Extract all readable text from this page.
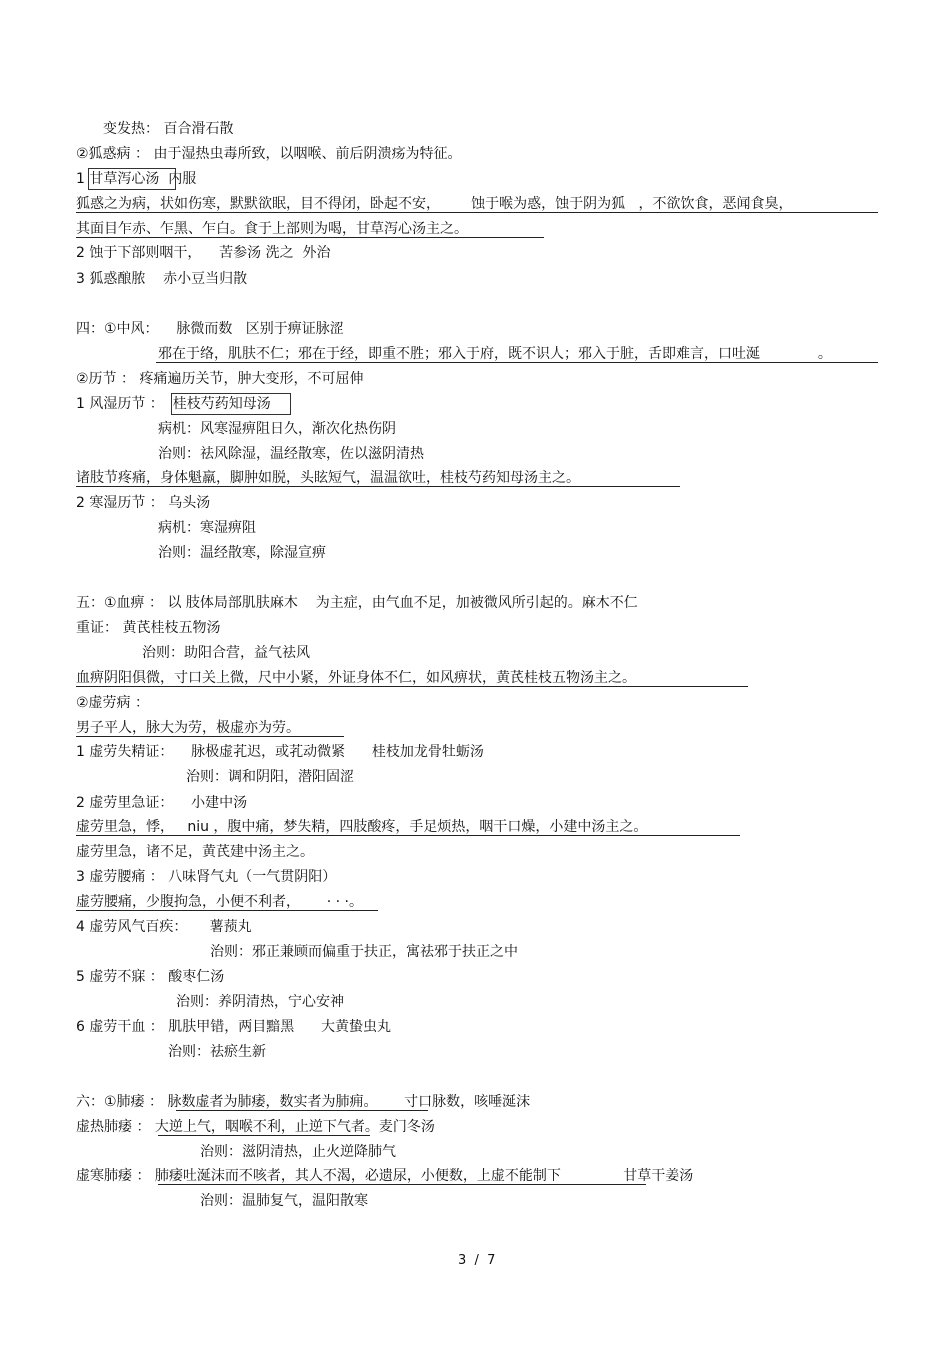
变发热： 百合滑石散
②狐惑病 ： 由于湿热虫毒所致，以咽喉、前后阴溃疡为特征。
1 甘草泻心汤  内服
狐惑之为病，状如伤寒，默默欲眠，目不得闭，卧起不安，       蚀于喉为惑，蚀于阴为狐   ，不欲饮食，恶闻食臭，
其面目乍赤、乍黑、乍白。食于上部则为喝，甘草泻心汤主之。
2 蚀于下部则咽干，    苦参汤 洗之  外治
3 狐惑酿脓    赤小豆当归散
四：①中风：    脉微而数   区别于痹证脉涩
邪在于络，肌肤不仁；邪在于经，即重不胜；邪入于府，既不识人；邪入于脏，舌即难言，口吐涎             。
②历节 ： 疼痛遍历关节，肿大变形，不可屈伸
1 风湿历节 ：  桂枝芍药知母汤
病机：风寒湿痹阻日久，渐次化热伤阴
治则：祛风除湿，温经散寒，佐以滋阴清热
诸肢节疼痛，身体魁羸，脚肿如脱，头眩短气，温温欲吐，桂枝芍药知母汤主之。
2 寒湿历节 ： 乌头汤
病机：寒湿痹阻
治则：温经散寒，除湿宣痹
五：①血痹 ： 以 肢体局部肌肤麻木    为主症，由气血不足，加被微风所引起的。麻木不仁
重证： 黄芪桂枝五物汤
治则：助阳合营，益气祛风
血痹阴阳俱微，寸口关上微，尺中小紧，外证身体不仁，如风痹状，黄芪桂枝五物汤主之。
②虚劳病 ：
男子平人，脉大为劳，极虚亦为劳。
1 虚劳失精证：    脉极虚芤迟，或芤动微紧      桂枝加龙骨牡蛎汤
治则：调和阴阳，潜阳固涩
2 虚劳里急证：    小建中汤
虚劳里急，悸，   niu ，腹中痛，梦失精，四肢酸疼，手足烦热，咽干口燥，小建中汤主之。
虚劳里急，诸不足，黄芪建中汤主之。
3 虚劳腰痛 ： 八味肾气丸（一气贯阴阳）
虚劳腰痛，少腹拘急，小便不利者，      · · ·。
4 虚劳风气百疾：     薯蓣丸
治则：邪正兼顾而偏重于扶正，寓祛邪于扶正之中
5 虚劳不寐 ： 酸枣仁汤
治则：养阴清热，宁心安神
6 虚劳干血 ： 肌肤甲错，两目黯黑      大黄蛰虫丸
治则：祛瘀生新
六：①肺痿 ： 脉数虚者为肺痿，数实者为肺痈。      寸口脉数，咳唾涎沫
虚热肺痿 ： 大逆上气，咽喉不利，止逆下气者。麦门冬汤
治则：滋阴清热，止火逆降肺气
虚寒肺痿 ： 肺痿吐涎沫而不咳者，其人不渴，必遗尿，小便数，上虚不能制下              甘草干姜汤
治则：温肺复气，温阳散寒
3  /  7
